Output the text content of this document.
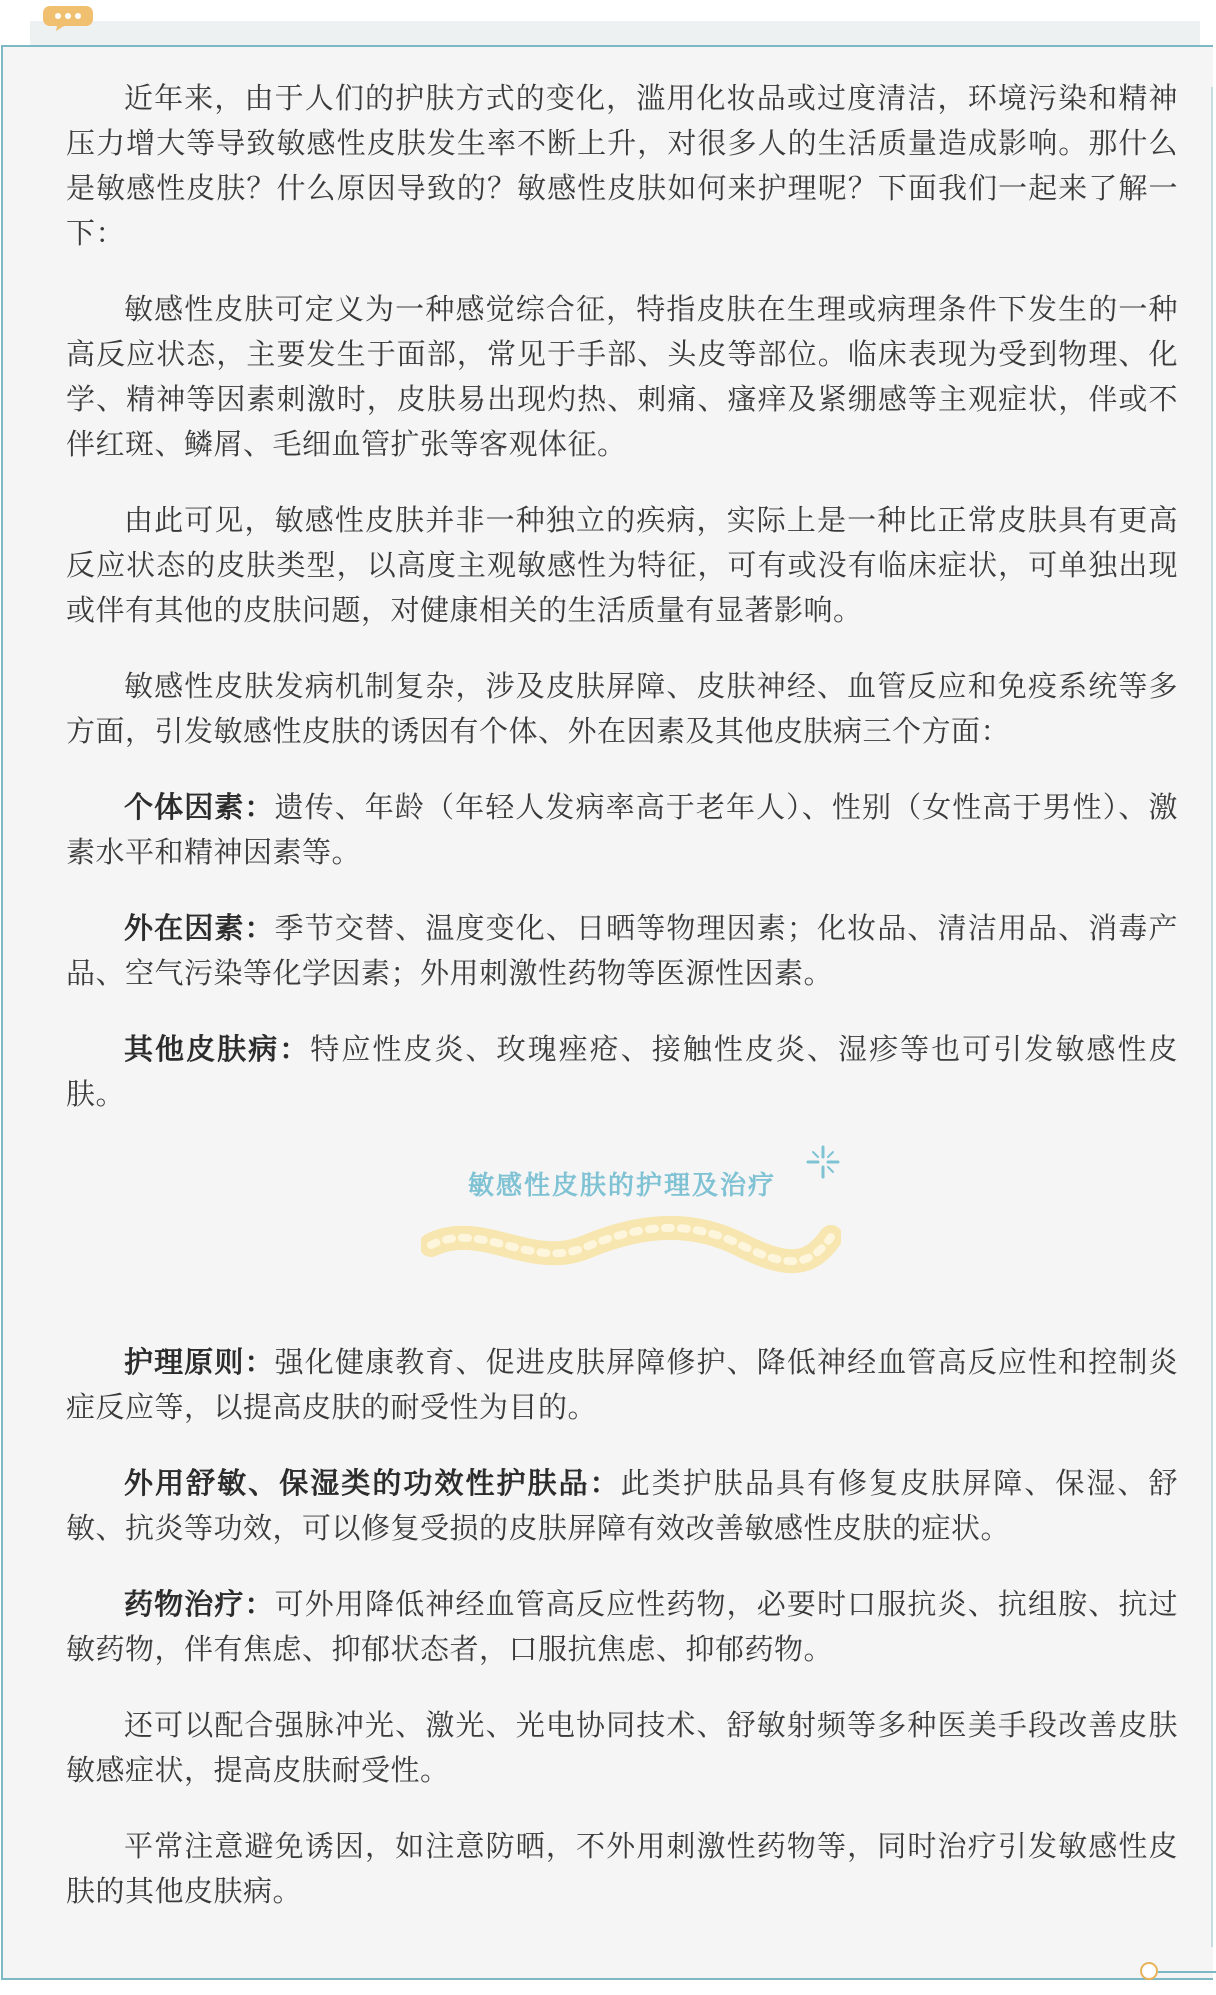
近年来，由于人们的护肤方式的变化，滥用化妆品或过度清洁，环境污染和精神压力增大等导致敏感性皮肤发生率不断上升，对很多人的生活质量造成影响。那什么是敏感性皮肤？什么原因导致的？敏感性皮肤如何来护理呢？下面我们一起来了解一下：

敏感性皮肤可定义为一种感觉综合征，特指皮肤在生理或病理条件下发生的一种高反应状态，主要发生于面部，常见于手部、头皮等部位。临床表现为受到物理、化学、精神等因素刺激时，皮肤易出现灼热、刺痛、瘙痒及紧绷感等主观症状，伴或不伴红斑、鳞屑、毛细血管扩张等客观体征。

由此可见，敏感性皮肤并非一种独立的疾病，实际上是一种比正常皮肤具有更高反应状态的皮肤类型，以高度主观敏感性为特征，可有或没有临床症状，可单独出现或伴有其他的皮肤问题，对健康相关的生活质量有显著影响。

敏感性皮肤发病机制复杂，涉及皮肤屏障、皮肤神经、血管反应和免疫系统等多方面，引发敏感性皮肤的诱因有个体、外在因素及其他皮肤病三个方面：

个体因素：遗传、年龄（年轻人发病率高于老年人）、性别（女性高于男性）、激素水平和精神因素等。

外在因素：季节交替、温度变化、日晒等物理因素；化妆品、清洁用品、消毒产品、空气污染等化学因素；外用刺激性药物等医源性因素。

其他皮肤病：特应性皮炎、玫瑰痤疮、接触性皮炎、湿疹等也可引发敏感性皮肤。

敏感性皮肤的护理及治疗

护理原则：强化健康教育、促进皮肤屏障修护、降低神经血管高反应性和控制炎症反应等，以提高皮肤的耐受性为目的。

外用舒敏、保湿类的功效性护肤品：此类护肤品具有修复皮肤屏障、保湿、舒敏、抗炎等功效，可以修复受损的皮肤屏障有效改善敏感性皮肤的症状。

药物治疗：可外用降低神经血管高反应性药物，必要时口服抗炎、抗组胺、抗过敏药物，伴有焦虑、抑郁状态者，口服抗焦虑、抑郁药物。

还可以配合强脉冲光、激光、光电协同技术、舒敏射频等多种医美手段改善皮肤敏感症状，提高皮肤耐受性。

平常注意避免诱因，如注意防晒，不外用刺激性药物等，同时治疗引发敏感性皮肤的其他皮肤病。
